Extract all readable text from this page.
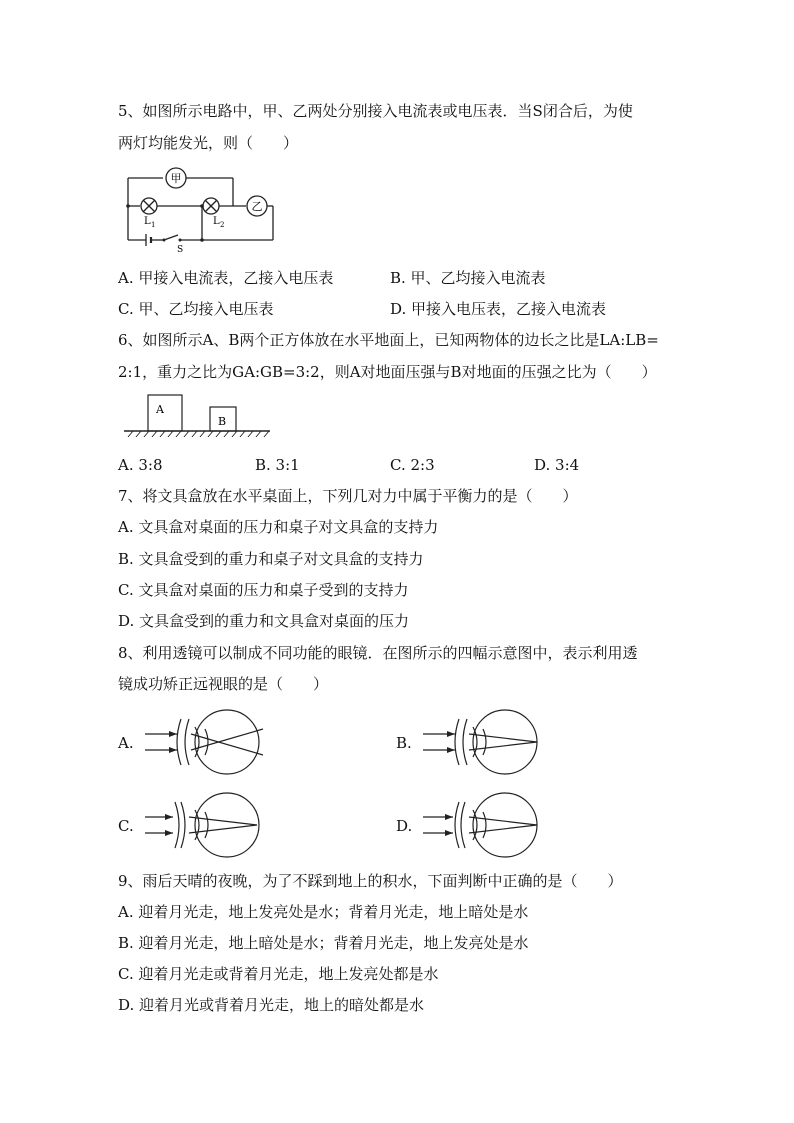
5、如图所示电路中，甲、乙两处分别接入电流表或电压表．当S闭合后，为使
两灯均能发光，则（　　）
甲
乙
L 1	L 2
S
A. 甲接入电流表，乙接入电压表	B. 甲、乙均接入电流表
C. 甲、乙均接入电压表	D. 甲接入电压表，乙接入电流表
6、如图所示A、B两个正方体放在水平地面上，已知两物体的边长之比是LA:LB=
2:1，重力之比为GA:GB=3:2，则A对地面压强与B对地面的压强之比为（　　）
A
B
A. 3:8	B. 3:1	C. 2:3	D. 3:4
7、将文具盒放在水平桌面上，下列几对力中属于平衡力的是（　　）
A. 文具盒对桌面的压力和桌子对文具盒的支持力
B. 文具盒受到的重力和桌子对文具盒的支持力
C. 文具盒对桌面的压力和桌子受到的支持力
D. 文具盒受到的重力和文具盒对桌面的压力
8、利用透镜可以制成不同功能的眼镜．在图所示的四幅示意图中，表示利用透
镜成功矫正远视眼的是（　　）
A.	B.
C.	D.
9、雨后天晴的夜晚，为了不踩到地上的积水，下面判断中正确的是（　　）
A. 迎着月光走，地上发亮处是水；背着月光走，地上暗处是水
B. 迎着月光走，地上暗处是水；背着月光走，地上发亮处是水
C. 迎着月光走或背着月光走，地上发亮处都是水
D. 迎着月光或背着月光走，地上的暗处都是水
